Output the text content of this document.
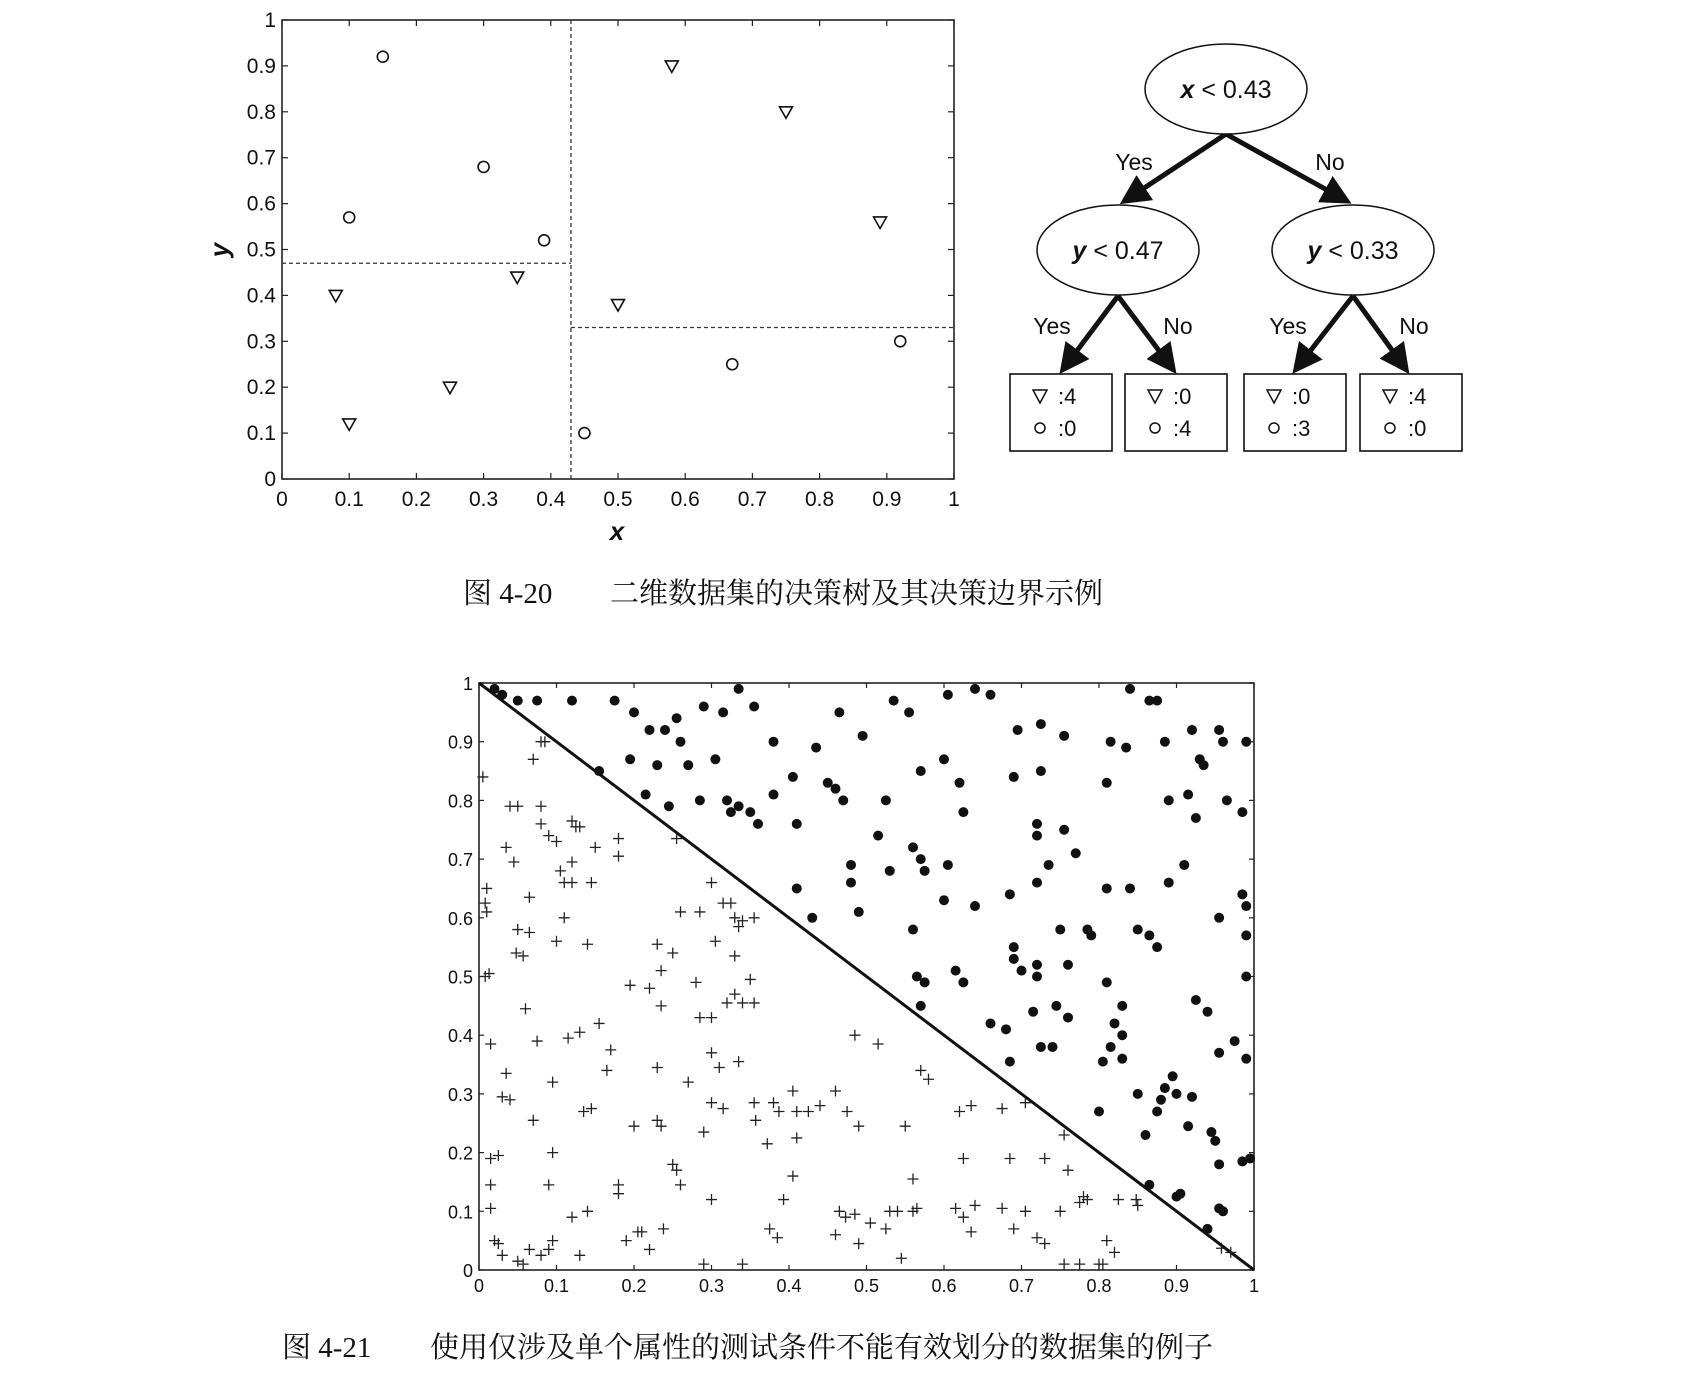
0 0.1 0.2 0.3 0.4 0.5 0.6 0.7 0.8 0.9 1
0
0.1
0.2
0.3
0.4
0.5
0.6
0.7
0.8
0.9
1
x
y
x < 0.43
y < 0.47	y < 0.33
Yes	No
Yes	No	Yes	No
:4
:0
:0
:4
:0
:3
:4
:0
图 4-20 二维数据集的决策树及其决策边界示例
0	0.1	0.2	0.3	0.4	0.5	0.6	0.7	0.8	0.9	1
0
0.1
0.2
0.3
0.4
0.5
0.6
0.7
0.8
0.9
1
图 4-21 使用仅涉及单个属性的测试条件不能有效划分的数据集的例子
